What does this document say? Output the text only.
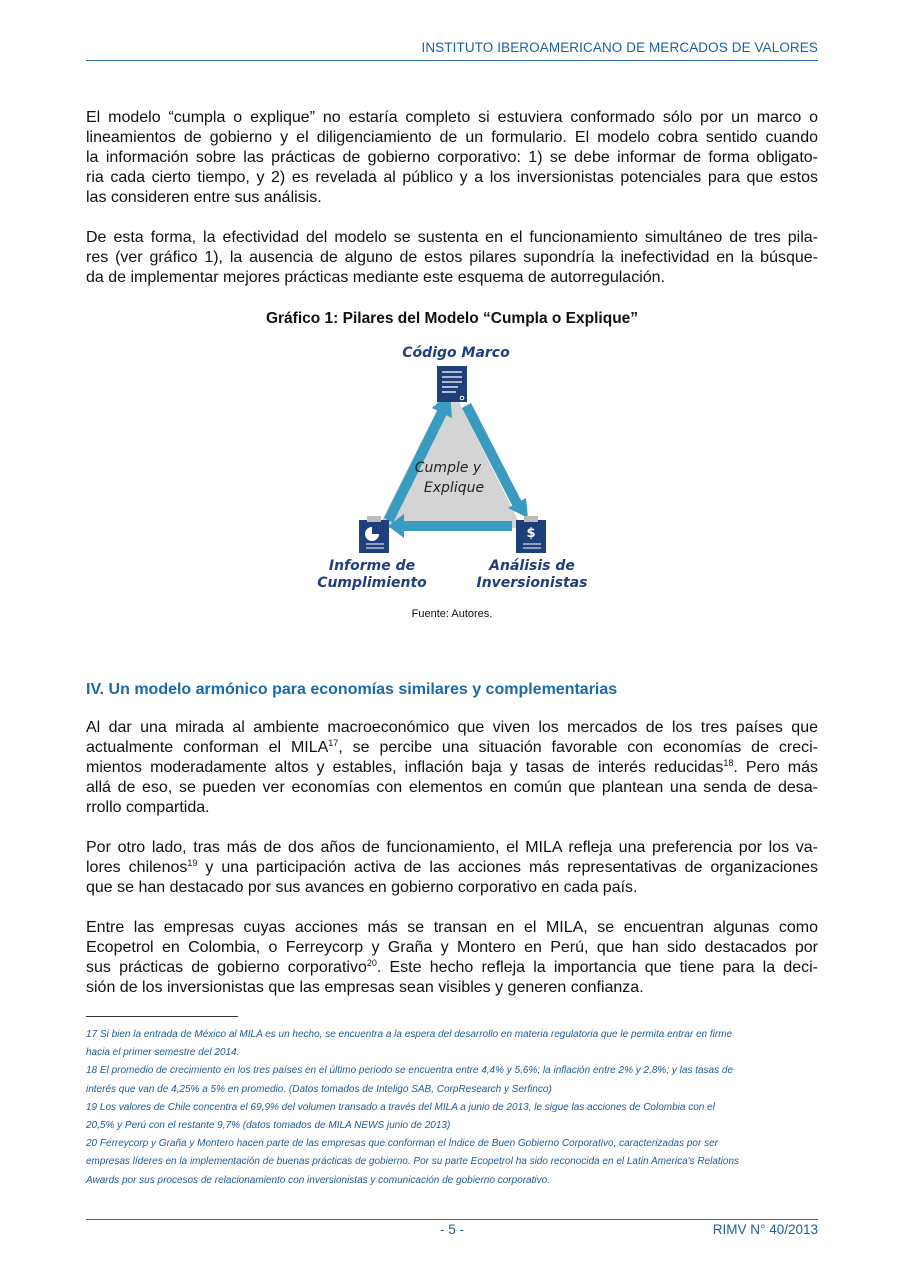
INSTITUTO IBEROAMERICANO DE MERCADOS DE VALORES
El modelo “cumpla o explique” no estaría completo si estuviera conformado sólo por un marco o
lineamientos de gobierno y el diligenciamiento de un formulario. El modelo cobra sentido cuando
la información sobre las prácticas de gobierno corporativo: 1) se debe informar de forma obligato-
ria cada cierto tiempo, y 2) es revelada al público y a los inversionistas potenciales para que estos
las consideren entre sus análisis.
De esta forma, la efectividad del modelo se sustenta en el funcionamiento simultáneo de tres pila-
res (ver gráfico 1), la ausencia de alguno de estos pilares supondría la inefectividad en la búsque-
da de implementar mejores prácticas mediante este esquema de autorregulación.
Gráfico 1: Pilares del Modelo “Cumpla o Explique”
Código Marco
Cumple y
Explique
$
Informe de
Cumplimiento
Análisis de
Inversionistas
Fuente: Autores.
IV. Un modelo armónico para economías similares y complementarias
Al dar una mirada al ambiente macroeconómico que viven los mercados de los tres países que
actualmente conforman el MILA$^{17}$, se percibe una situación favorable con economías de creci-
mientos moderadamente altos y estables, inflación baja y tasas de interés reducidas$^{18}$. Pero más
allá de eso, se pueden ver economías con elementos en común que plantean una senda de desa-
rrollo compartida.
Por otro lado, tras más de dos años de funcionamiento, el MILA refleja una preferencia por los va-
lores chilenos$^{19}$ y una participación activa de las acciones más representativas de organizaciones
que se han destacado por sus avances en gobierno corporativo en cada país.
Entre las empresas cuyas acciones más se transan en el MILA, se encuentran algunas como
Ecopetrol en Colombia, o Ferreycorp y Graña y Montero en Perú, que han sido destacados por
sus prácticas de gobierno corporativo$^{20}$. Este hecho refleja la importancia que tiene para la deci-
sión de los inversionistas que las empresas sean visibles y generen confianza.
17 Si bien la entrada de México al MILA es un hecho, se encuentra a la espera del desarrollo en materia regulatoria que le permita entrar en firme
hacia el primer semestre del 2014.
18 El promedio de crecimiento en los tres países en el último periodo se encuentra entre 4,4% y 5,6%; la inflación entre 2% y 2,8%; y las tasas de
interés que van de 4,25% a 5% en promedio. (Datos tomados de Inteligo SAB, CorpResearch y Serfinco)
19 Los valores de Chile concentra el 69,9% del volumen transado a través del MILA a junio de 2013, le sigue las acciones de Colombia con el
20,5% y Perú con el restante 9,7% (datos tomados de MILA NEWS junio de 2013)
20 Ferreycorp y Graña y Montero hacen parte de las empresas que conforman el Índice de Buen Gobierno Corporativo, caracterizadas por ser
empresas líderes en la implementación de buenas prácticas de gobierno. Por su parte Ecopetrol ha sido reconocida en el Latin America's Relations
Awards por sus procesos de relacionamiento con inversionistas y comunicación de gobierno corporativo.
- 5 -	RIMV N° 40/2013
